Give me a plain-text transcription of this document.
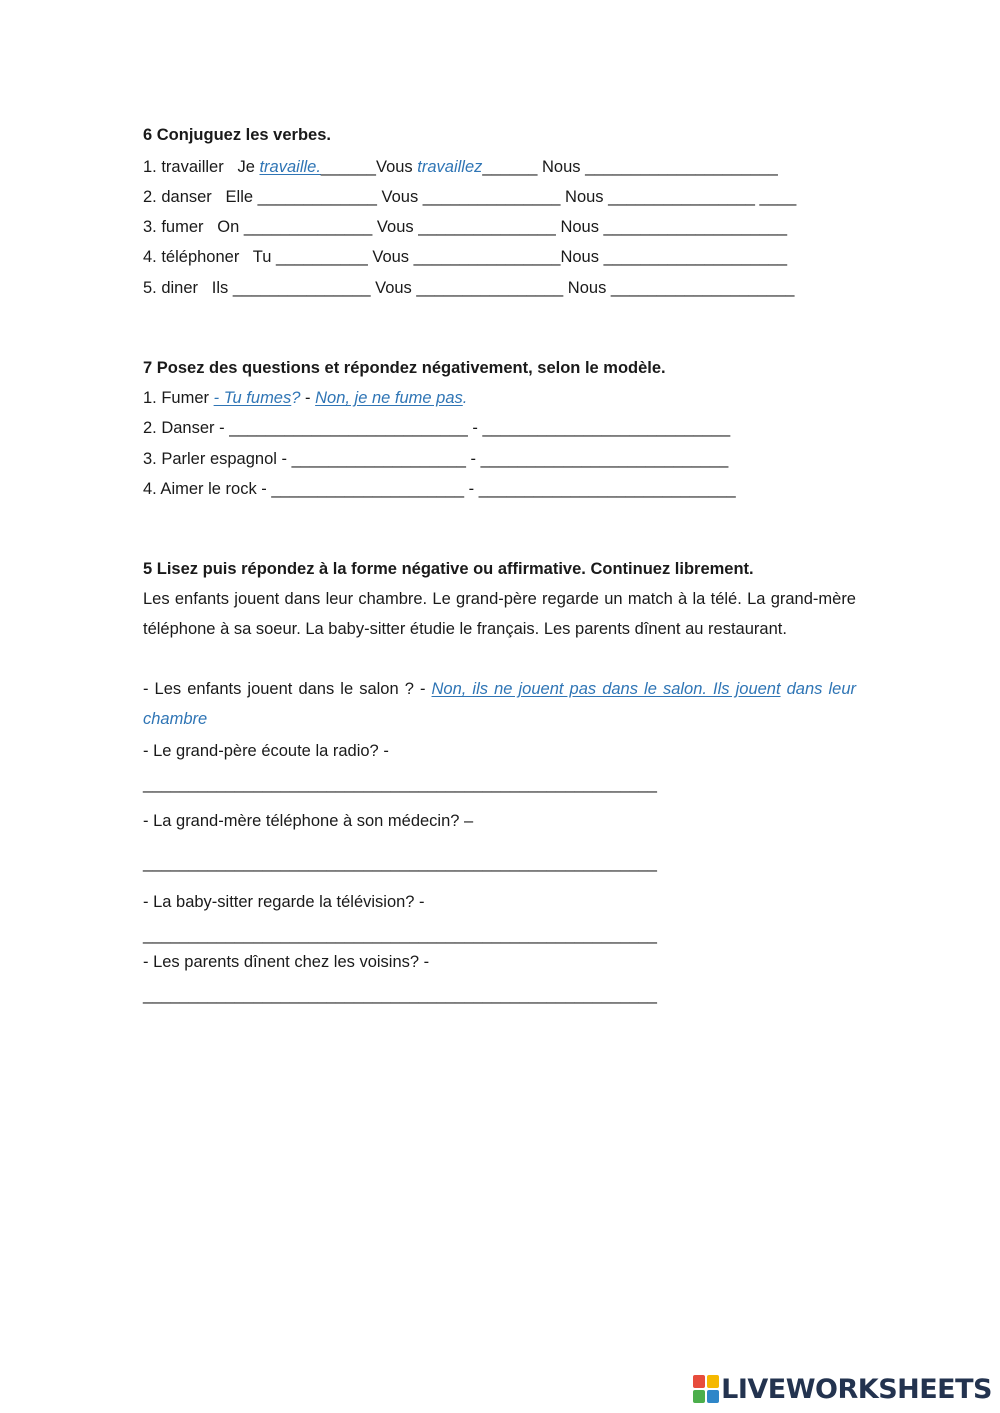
6 Conjuguez les verbes.
1. travailler   Je travaille.______Vous travaillez______ Nous _____________________
2. danser   Elle _____________ Vous _______________ Nous ________________ ____
3. fumer   On ______________ Vous _______________ Nous ____________________
4. téléphoner   Tu __________ Vous ________________Nous ____________________
5. diner   Ils _______________ Vous ________________ Nous ____________________
7 Posez des questions et répondez négativement, selon le modèle.
1. Fumer - Tu fumes? - Non, je ne fume pas.
2. Danser - __________________________ - ___________________________
3. Parler espagnol - ___________________ - ___________________________
4. Aimer le rock - _____________________ - ____________________________
5 Lisez puis répondez à la forme négative ou affirmative. Continuez librement.
Les enfants jouent dans leur chambre. Le grand-père regarde un match à la télé. La grand-mère téléphone à sa soeur. La baby-sitter étudie le français. Les parents dînent au restaurant.
- Les enfants jouent dans le salon ? - Non, ils ne jouent pas dans le salon. Ils jouent dans leur chambre
- Le grand-père écoute la radio? -
________________________________________________________
- La grand-mère téléphone à son médecin? –
________________________________________________________
- La baby-sitter regarde la télévision? -
________________________________________________________
- Les parents dînent chez les voisins? -
________________________________________________________
LIVEWORKSHEETS
